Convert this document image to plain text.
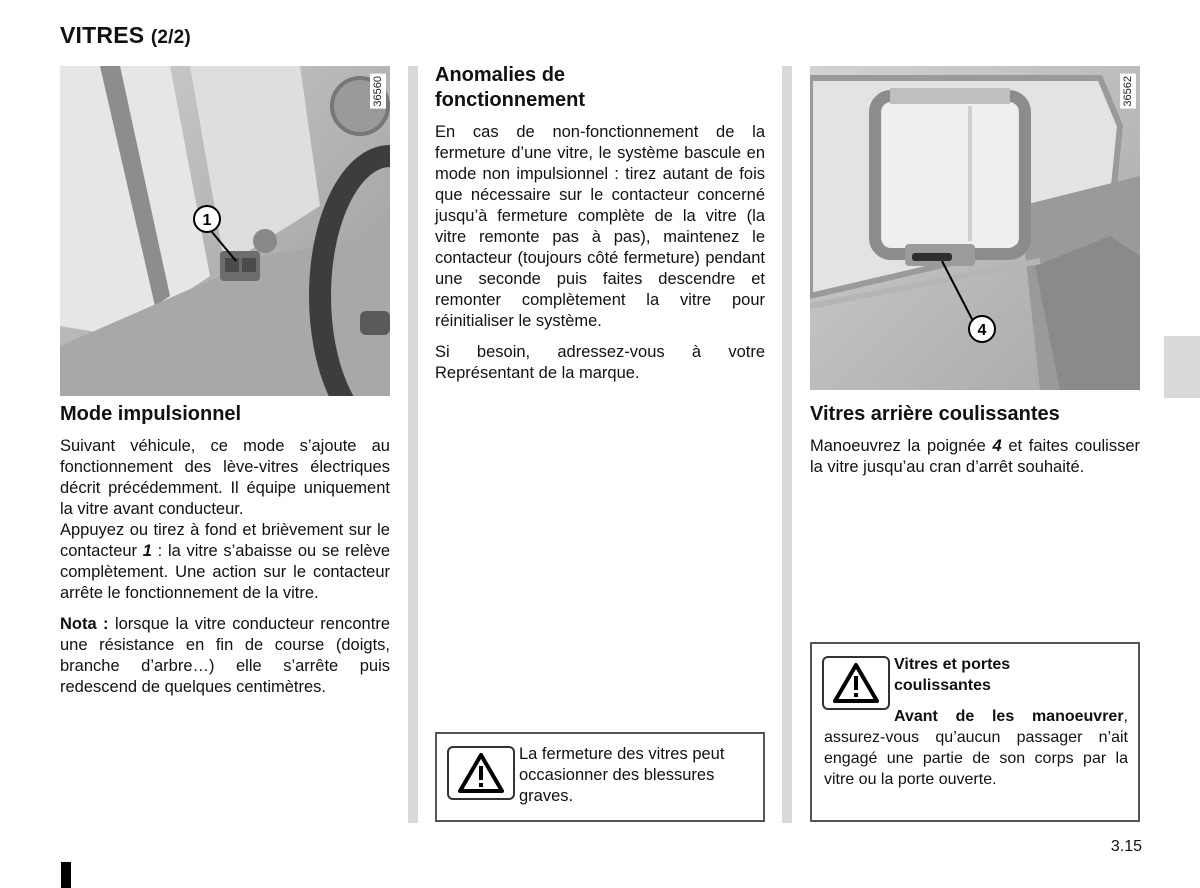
VITRES (2/2)
1
36560
4
36562
Mode impulsionnel

Suivant véhicule, ce mode s’ajoute au fonctionnement des lève-vitres électriques décrit précédemment. Il équipe uniquement la vitre avant conducteur.

Appuyez ou tirez à fond et brièvement sur le contacteur 1 : la vitre s’abaisse ou se relève complètement. Une action sur le contacteur arrête le fonctionnement de la vitre.

Nota : lorsque la vitre conducteur rencontre une résistance en fin de course (doigts, branche d’arbre…) elle s’arrête puis redescend de quelques centimètres.

Anomalies de fonctionnement

En cas de non-fonctionnement de la fermeture d’une vitre, le système bascule en mode non impulsionnel : tirez autant de fois que nécessaire sur le contacteur concerné jusqu’à fermeture complète de la vitre (la vitre remonte pas à pas), maintenez le contacteur (toujours côté fermeture) pendant une seconde puis faites descendre et remonter complètement la vitre pour réinitialiser le système.

Si besoin, adressez-vous à votre Représentant de la marque.

La fermeture des vitres peut occasionner des blessures graves.
Vitres arrière coulissantes

Manoeuvrez la poignée 4 et faites coulisser la vitre jusqu’au cran d’arrêt souhaité.

Vitres et portes coulissantes
Avant de les manoeuvrer, assurez-vous qu’aucun passager n’ait engagé une partie de son corps par la vitre ou la porte ouverte.
3.15
